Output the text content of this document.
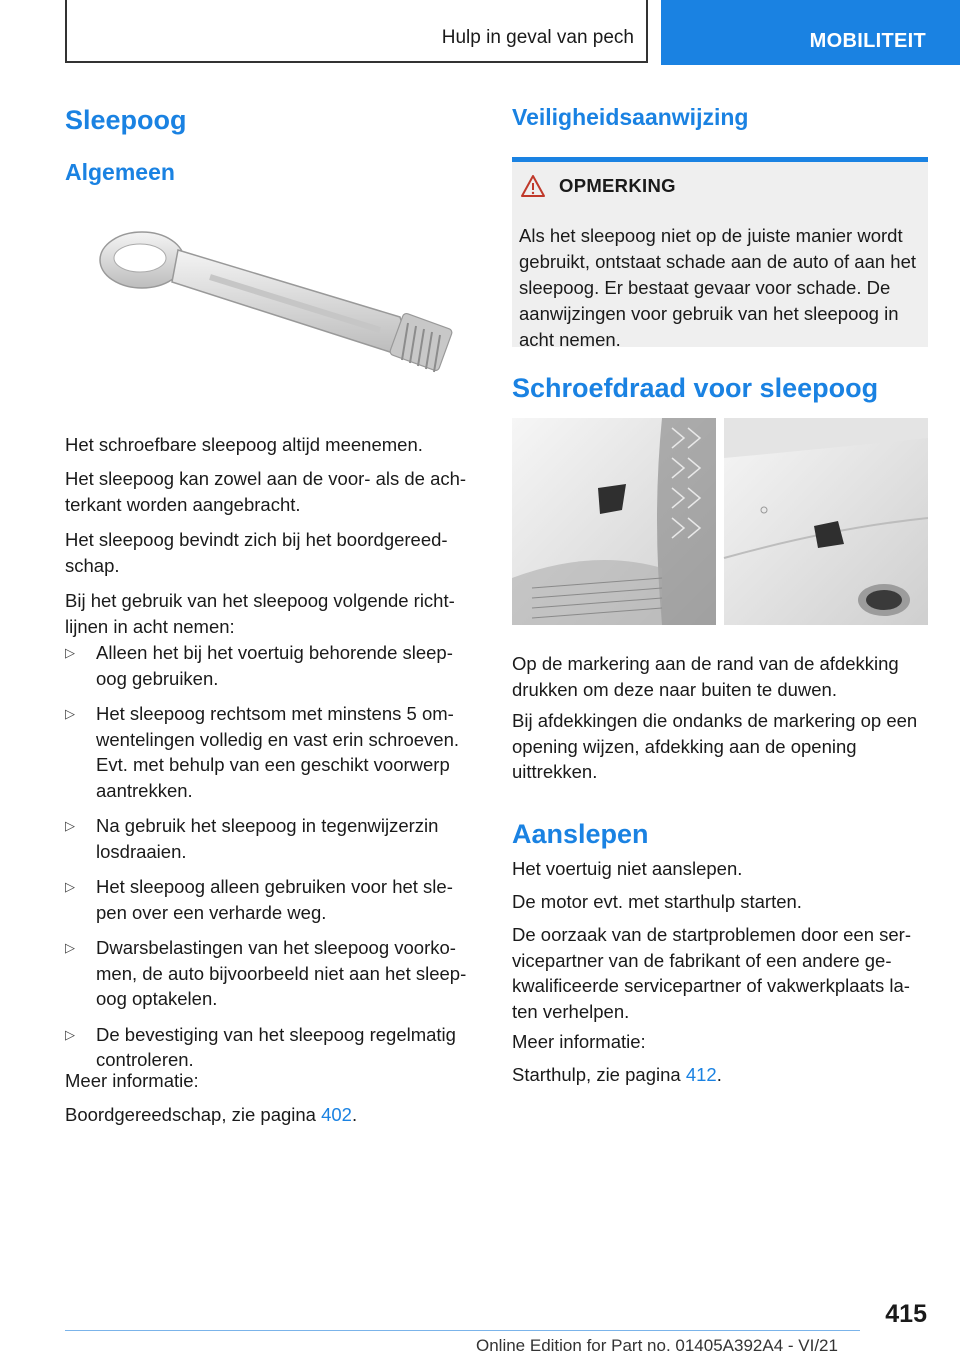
Hulp in geval van pech	MOBILITEIT
Sleepoog
Algemeen

Het schroefbare sleepoog altijd meenemen.

Het sleepoog kan zowel aan de voor- als de ach‐terkant worden aangebracht.

Het sleepoog bevindt zich bij het boordgereed‐schap.

Bij het gebruik van het sleepoog volgende richt‐lijnen in acht nemen:

▷ Alleen het bij het voertuig behorende sleep‐oog gebruiken.
▷ Het sleepoog rechtsom met minstens 5 om‐wentelingen volledig en vast erin schroeven. Evt. met behulp van een geschikt voorwerp aantrekken.
▷ Na gebruik het sleepoog in tegenwijzerzin losdraaien.
▷ Het sleepoog alleen gebruiken voor het sle‐pen over een verharde weg.
▷ Dwarsbelastingen van het sleepoog voorko‐men, de auto bijvoorbeeld niet aan het sleep‐oog optakelen.
▷ De bevestiging van het sleepoog regelmatig controleren.

Meer informatie:

Boordgereedschap, zie pagina 402.

Veiligheidsaanwijzing
OPMERKING

Als het sleepoog niet op de juiste manier wordt gebruikt, ontstaat schade aan de auto of aan het sleepoog. Er bestaat gevaar voor schade. De aanwijzingen voor gebruik van het sleepoog in acht nemen.

Schroefdraad voor sleepoog

Op de markering aan de rand van de afdekking drukken om deze naar buiten te duwen.

Bij afdekkingen die ondanks de markering op een opening wijzen, afdekking aan de opening uittrekken.

Aanslepen

Het voertuig niet aanslepen.

De motor evt. met starthulp starten.

De oorzaak van de startproblemen door een ser‐vicepartner van de fabrikant of een andere ge‐kwalificeerde servicepartner of vakwerkplaats la‐ten verhelpen.

Meer informatie:

Starthulp, zie pagina 412.

415
Online Edition for Part no. 01405A392A4 - VI/21
